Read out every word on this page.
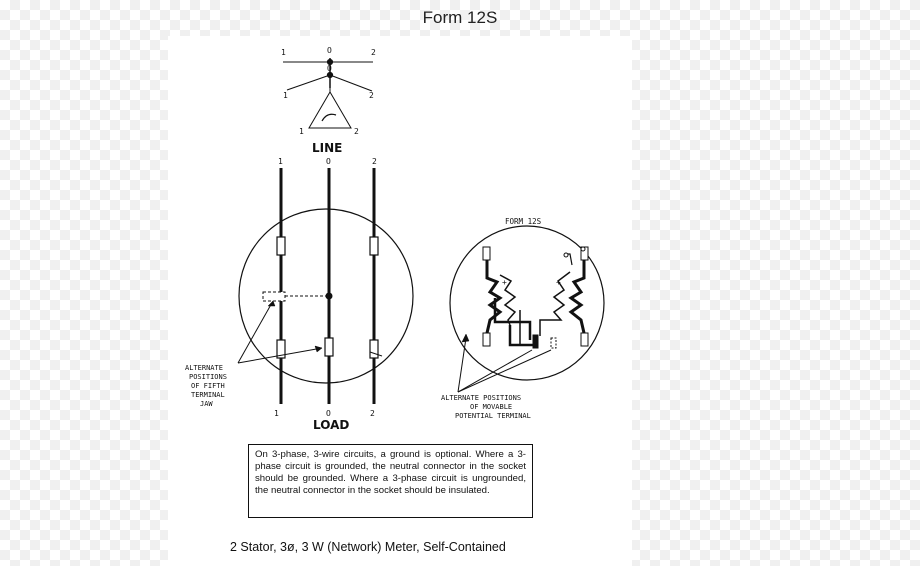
Form 12S
1	O	2
O
1	2
1	2
LINE
1	O	2
ALTERNATE
POSITIONS
OF FIFTH
TERMINAL
JAW
1	O	2
LOAD
FORM 12S
ALTERNATE POSITIONS
OF MOVABLE
POTENTIAL TERMINAL
+	+
On 3-phase, 3-wire circuits, a ground is optional. Where a 3-phase circuit is grounded, the neutral connector in the socket should be grounded. Where a 3-phase circuit is ungrounded, the neutral connector in the socket should be insulated.
2 Stator, 3ø, 3 W (Network) Meter, Self-Contained
